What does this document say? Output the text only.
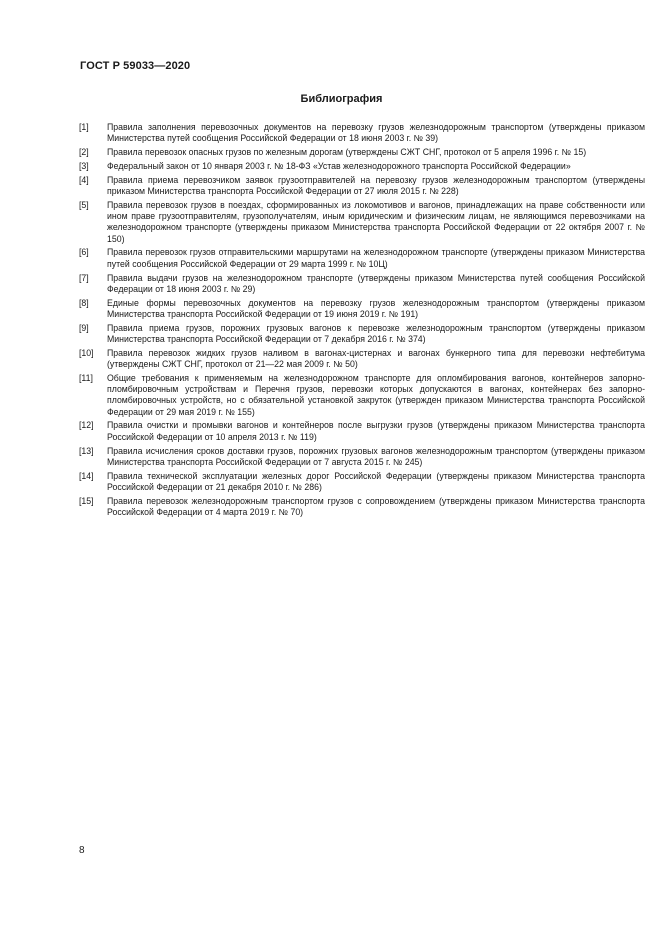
ГОСТ Р 59033—2020
Библиография
[1]	Правила заполнения перевозочных документов на перевозку грузов железнодорожным транспортом (утверждены приказом Министерства путей сообщения Российской Федерации от 18 июня 2003 г. № 39)
[2]	Правила перевозок опасных грузов по железным дорогам (утверждены СЖТ СНГ, протокол от 5 апреля 1996 г. № 15)
[3]	Федеральный закон от 10 января 2003 г. № 18-ФЗ «Устав железнодорожного транспорта Российской Федерации»
[4]	Правила приема перевозчиком заявок грузоотправителей на перевозку грузов железнодорожным транспортом (утверждены приказом Министерства транспорта Российской Федерации от 27 июля 2015 г. № 228)
[5]	Правила перевозок грузов в поездах, сформированных из локомотивов и вагонов, принадлежащих на праве собственности или ином праве грузоотправителям, грузополучателям, иным юридическим и физическим лицам, не являющимся перевозчиками на железнодорожном транспорте (утверждены приказом Министерства транспорта Российской Федерации от 22 октября 2007 г. № 150)
[6]	Правила перевозок грузов отправительскими маршрутами на железнодорожном транспорте (утверждены приказом Министерства путей сообщения Российской Федерации от 29 марта 1999 г. № 10Ц)
[7]	Правила выдачи грузов на железнодорожном транспорте (утверждены приказом Министерства путей сообщения Российской Федерации от 18 июня 2003 г. № 29)
[8]	Единые формы перевозочных документов на перевозку грузов железнодорожным транспортом (утверждены приказом Министерства транспорта Российской Федерации от 19 июня 2019 г. № 191)
[9]	Правила приема грузов, порожних грузовых вагонов к перевозке железнодорожным транспортом (утверждены приказом Министерства транспорта Российской Федерации от 7 декабря 2016 г. № 374)
[10]	Правила перевозок жидких грузов наливом в вагонах-цистернах и вагонах бункерного типа для перевозки нефтебитума (утверждены СЖТ СНГ, протокол от 21—22 мая 2009 г. № 50)
[11]	Общие требования к применяемым на железнодорожном транспорте для опломбирования вагонов, контейнеров запорно-пломбировочным устройствам и Перечня грузов, перевозки которых допускаются в вагонах, контейнерах без запорно-пломбировочных устройств, но с обязательной установкой закруток (утвержден приказом Министерства транспорта Российской Федерации от 29 мая 2019 г. № 155)
[12]	Правила очистки и промывки вагонов и контейнеров после выгрузки грузов (утверждены приказом Министерства транспорта Российской Федерации от 10 апреля 2013 г. № 119)
[13]	Правила исчисления сроков доставки грузов, порожних грузовых вагонов железнодорожным транспортом (утверждены приказом Министерства транспорта Российской Федерации от 7 августа 2015 г. № 245)
[14]	Правила технической эксплуатации железных дорог Российской Федерации (утверждены приказом Министерства транспорта Российской Федерации от 21 декабря 2010 г. № 286)
[15]	Правила перевозок железнодорожным транспортом грузов с сопровождением (утверждены приказом Министерства транспорта Российской Федерации от 4 марта 2019 г. № 70)
8
